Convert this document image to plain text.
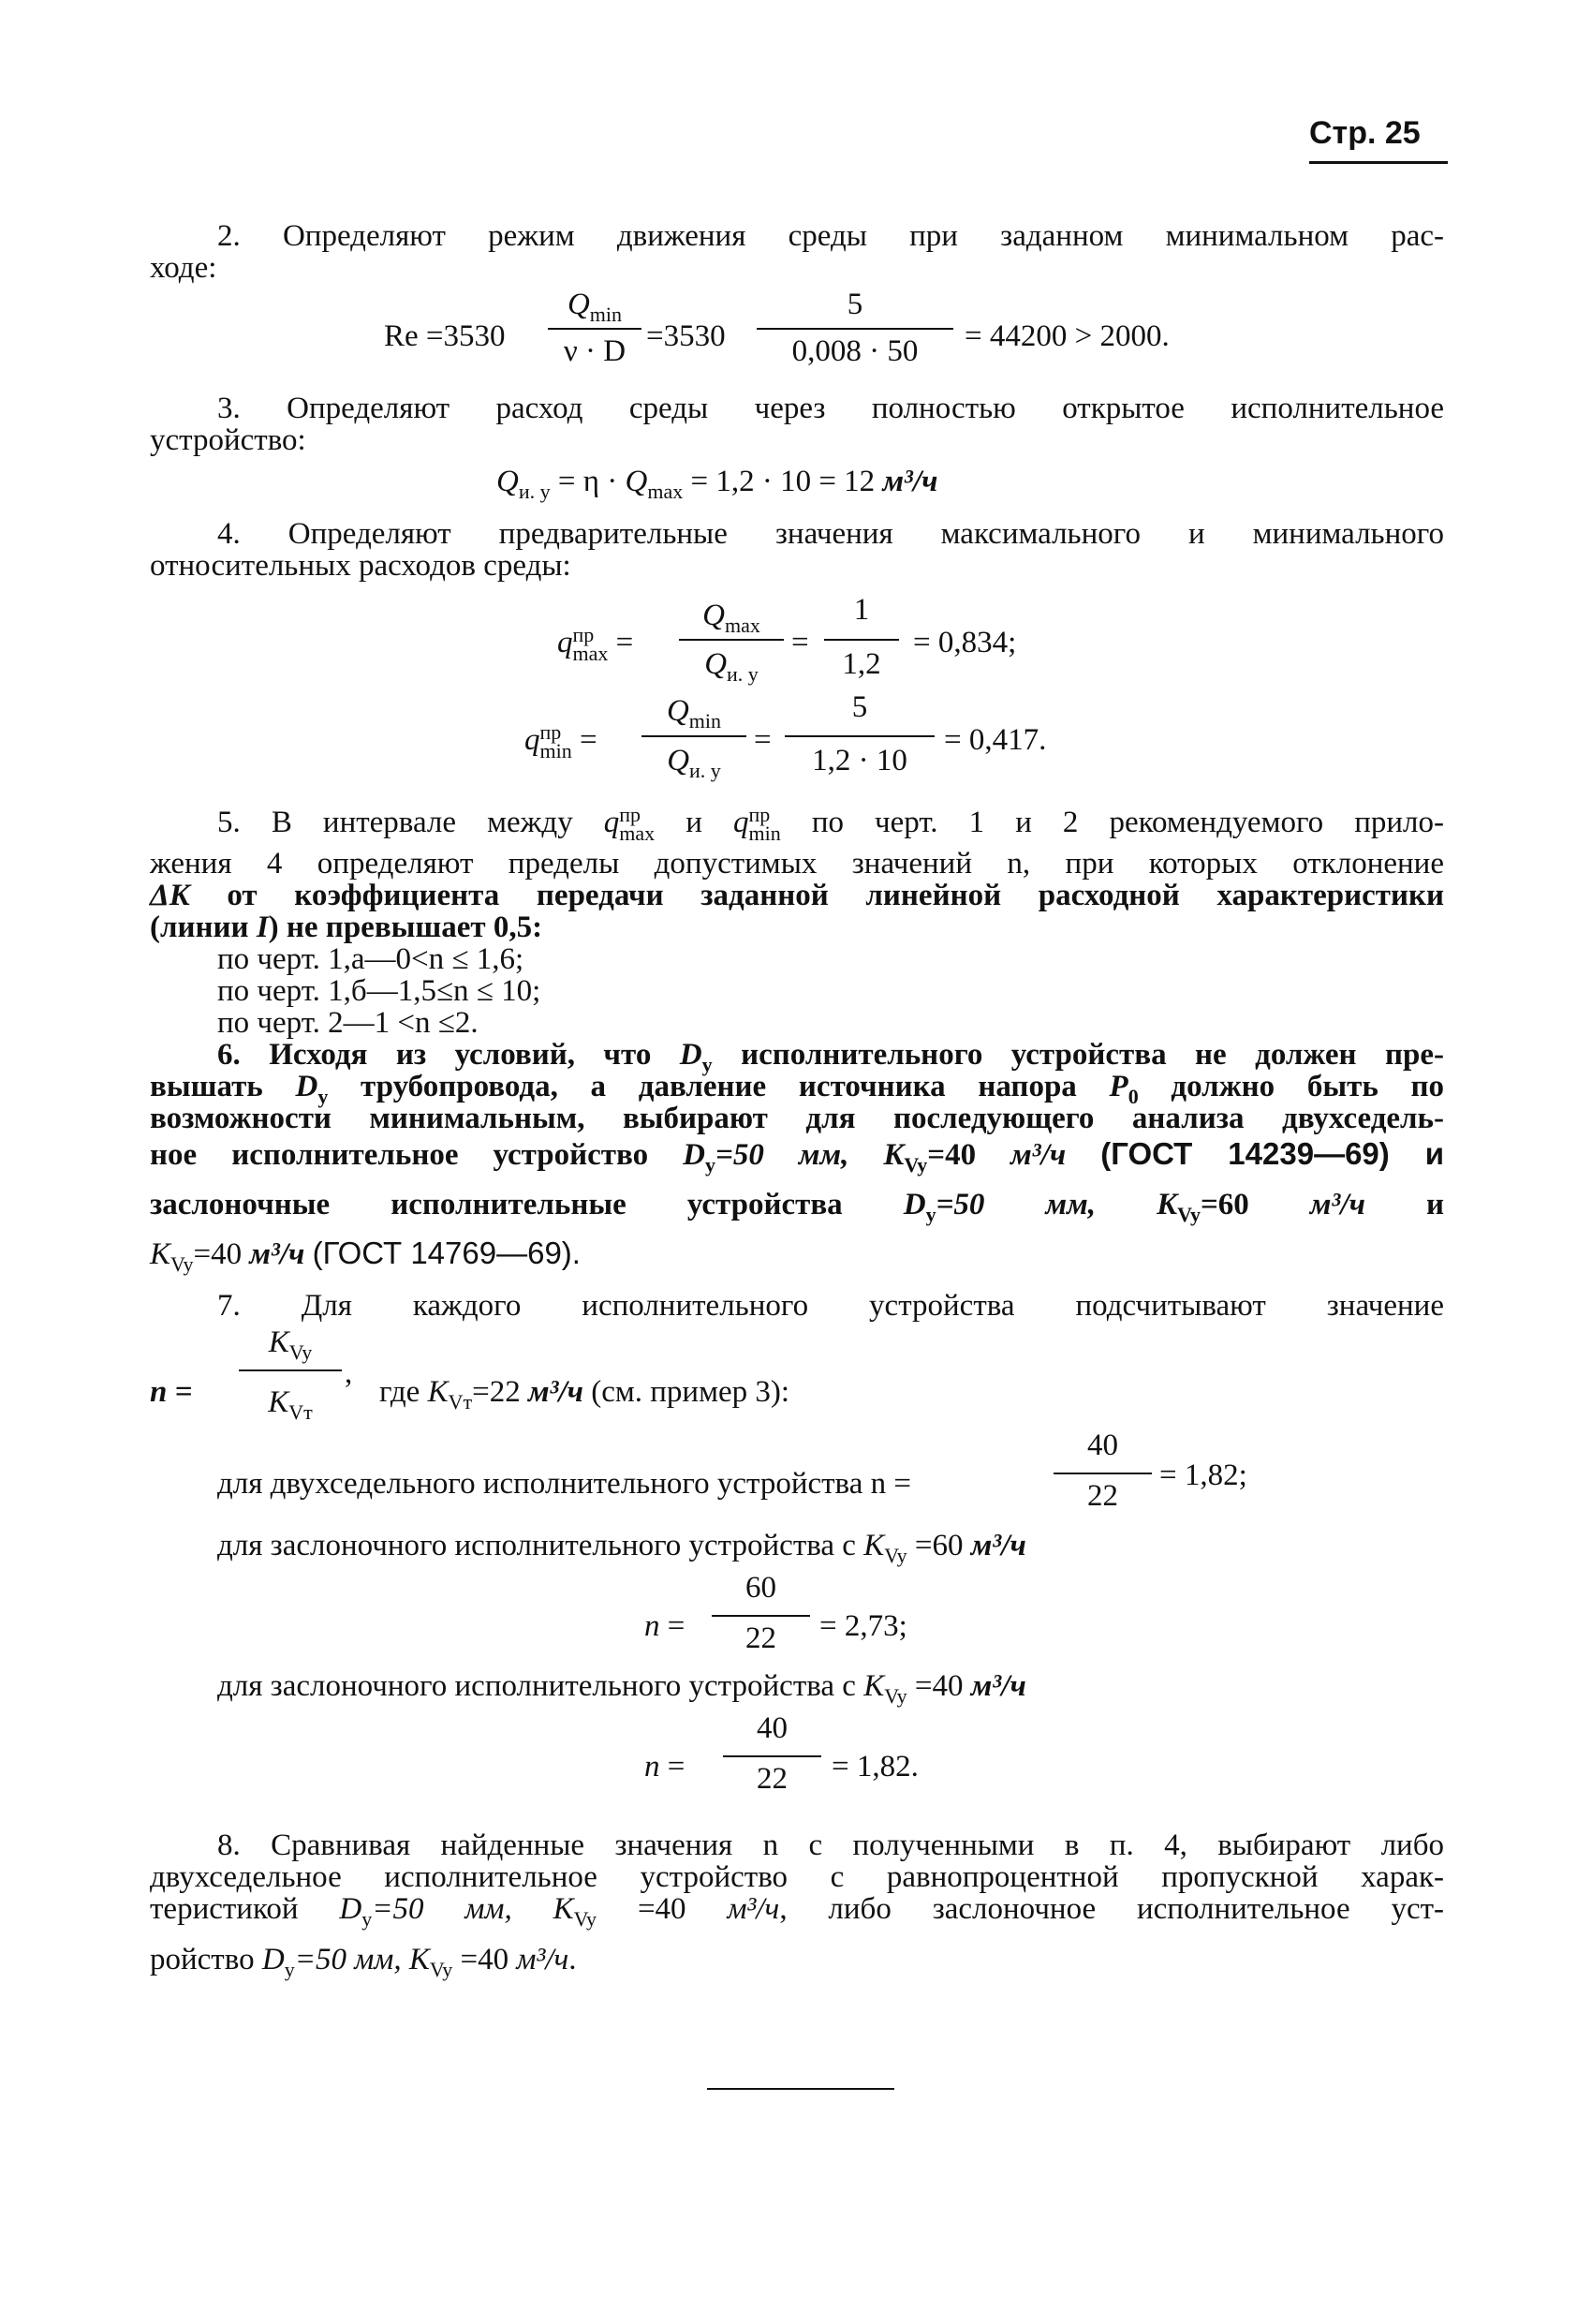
Стр. 25
2. Определяют режим движения среды при заданном минимальном рас-
ходе:
Re =3530
$Q_{min}$
ν · D =3530
5
0,008 · 50	= 44200 > 2000.
3. Определяют расход среды через полностью открытое исполнительное
устройство:
$Q_{и. у} = \eta \cdot Q_{max} = 1,2 \cdot 10 = 12$ м³/ч
4. Определяют предварительные значения максимального и минимального
относительных расходов среды:
q пр
max =
$Q_{max}$
$Q_{и. у}$
=
1
1,2
= 0,834;
q пр
min =
$Q_{min}$
$Q_{и. у}$
=
5
1,2 · 10
= 0,417.
5. В интервале между q пр
max и q пр
min по черт. 1 и 2 рекомендуемого прило-
жения 4 определяют пределы допустимых значений n, при которых отклонение
ΔK от коэффициента передачи заданной линейной расходной характеристики
(линии I) не превышает 0,5:
по черт. 1,а—0<n ≤ 1,6;
по черт. 1,б—1,5≤n ≤ 10;
по черт. 2—1 <n ≤2.
6. Исходя из условий, что $D_у$ исполнительного устройства не должен пре-
вышать $D_у$ трубопровода, а давление источника напора $P_0$ должно быть по
возможности минимальным, выбирают для последующего анализа двухседель-
ное исполнительное устройство $D_у=50$ мм, $K_{Vy}=40$ м³/ч (ГОСТ 14239—69) и
заслоночные исполнительные устройства $D_у=50$ мм, $K_{Vy}=60$ м³/ч и
$K_{Vy}=40$ м³/ч (ГОСТ 14769—69).
7. Для каждого исполнительного устройства подсчитывают значение
n =
$K_{Vy}$
$K_{Vт}$
,
где $K_{Vт}=22$ м³/ч (см. пример 3):
для двухседельного исполнительного устройства n =
40
22
= 1,82;
для заслоночного исполнительного устройства с $K_{Vy} =60$ м³/ч
n =
60
22	= 2,73;
для заслоночного исполнительного устройства с $K_{Vy} =40$ м³/ч
n =
40
22	= 1,82.
8. Сравнивая найденные значения n с полученными в п. 4, выбирают либо
двухседельное исполнительное устройство с равнопроцентной пропускной харак-
теристикой $D_у=50$ мм, $K_{Vy} =40$ м³/ч, либо заслоночное исполнительное уст-
ройство $D_у=50$ мм, $K_{Vy} =40$ м³/ч.
